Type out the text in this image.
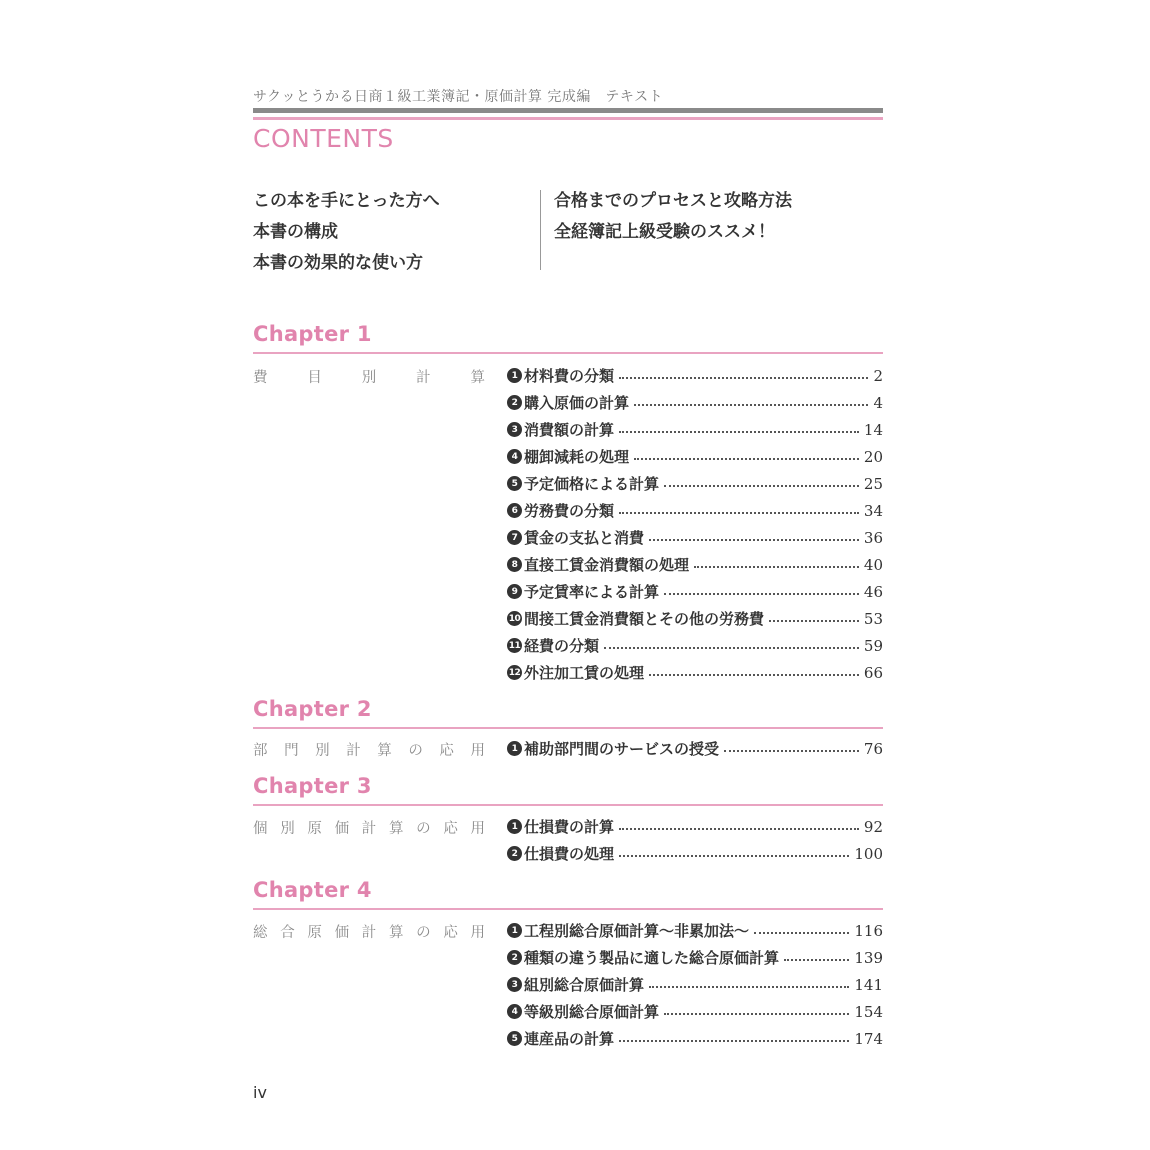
サクッとうかる日商１級工業簿記・原価計算 完成編　テキスト
CONTENTS
この本を手にとった方へ
本書の構成
本書の効果的な使い方
合格までのプロセスと攻略方法
全経簿記上級受験のススメ！
Chapter 1
費	目	別	計	算	1 材料費の分類	2
2 購入原価の計算	4
3 消費額の計算	14
4 棚卸減耗の処理	20
5 予定価格による計算	25
6 労務費の分類	34
7 賃金の支払と消費	36
8 直接工賃金消費額の処理	40
9 予定賃率による計算	46
10 間接工賃金消費額とその他の労務費	53
11 経費の分類	59
12 外注加工賃の処理	66
Chapter 2
部 門 別 計 算 の 応 用	1 補助部門間のサービスの授受	76
Chapter 3
個 別 原 価 計 算 の 応 用	1 仕損費の計算	92
2 仕損費の処理	100
Chapter 4
総 合 原 価 計 算 の 応 用	1 工程別総合原価計算～非累加法～	116
2 種類の違う製品に適した総合原価計算	139
3 組別総合原価計算	141
4 等級別総合原価計算	154
5 連産品の計算	174
iv
